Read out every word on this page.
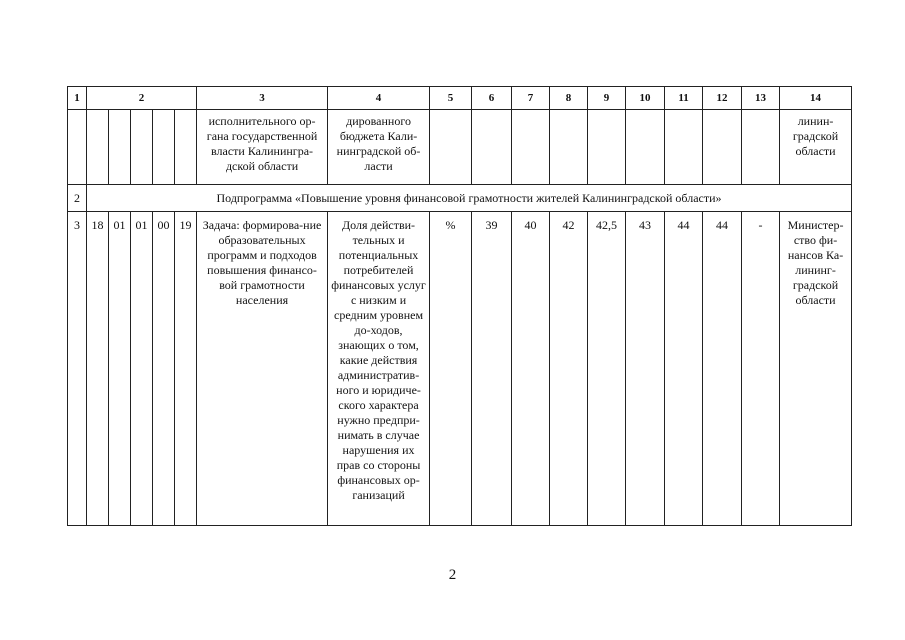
1	2					3	4	5	6	7	8	9	10	11	12	13	14
						исполнительного ор-гана государственной власти Калинингра-дской области	дированного бюджета Кали-нинградской об-ласти										линин-градской области
2	Подпрограмма «Повышение уровня финансовой грамотности жителей Калининградской области»																
3	18	01	01	00	19	Задача: формирова-ние образовательных программ и подходов повышения финансо-вой грамотности населения	Доля действи-тельных и потенциальных потребителей финансовых услуг с низким и средним уровнем до-ходов, знающих о том, какие действия административ-ного и юридиче-ского характера нужно предпри-нимать в случае нарушения их прав со стороны финансовых ор-ганизаций	%	39	40	42	42,5	43	44	44	-	Министер-ство фи-нансов Ка-лининг-градской области
2
